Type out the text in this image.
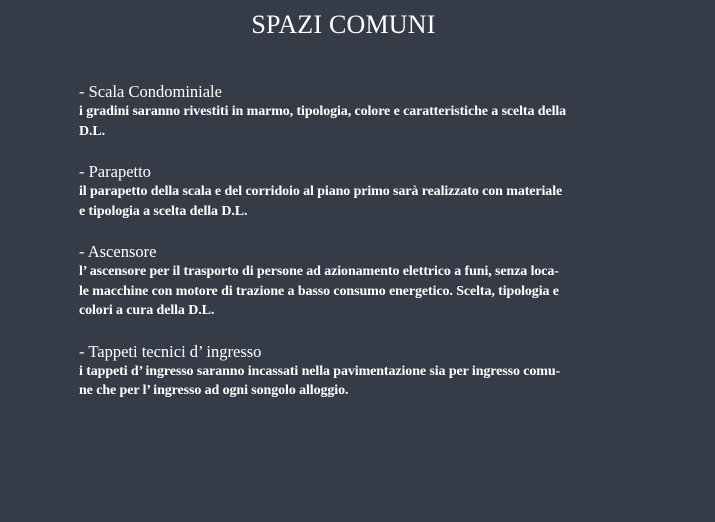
SPAZI COMUNI

- Scala Condominiale

i gradini saranno rivestiti in marmo, tipologia, colore e caratteristiche a scelta della
D.L.

- Parapetto

il parapetto della scala e del corridoio al piano primo sarà realizzato con materiale
e tipologia a scelta della D.L.

- Ascensore

l’ ascensore per il trasporto di persone ad azionamento elettrico a funi, senza loca-
le macchine con motore di trazione a basso consumo energetico. Scelta, tipologia e
colori a cura della D.L.

- Tappeti tecnici d’ ingresso

i tappeti d’ ingresso saranno incassati nella pavimentazione sia per ingresso comu-
ne che per l’ ingresso ad ogni songolo alloggio.
